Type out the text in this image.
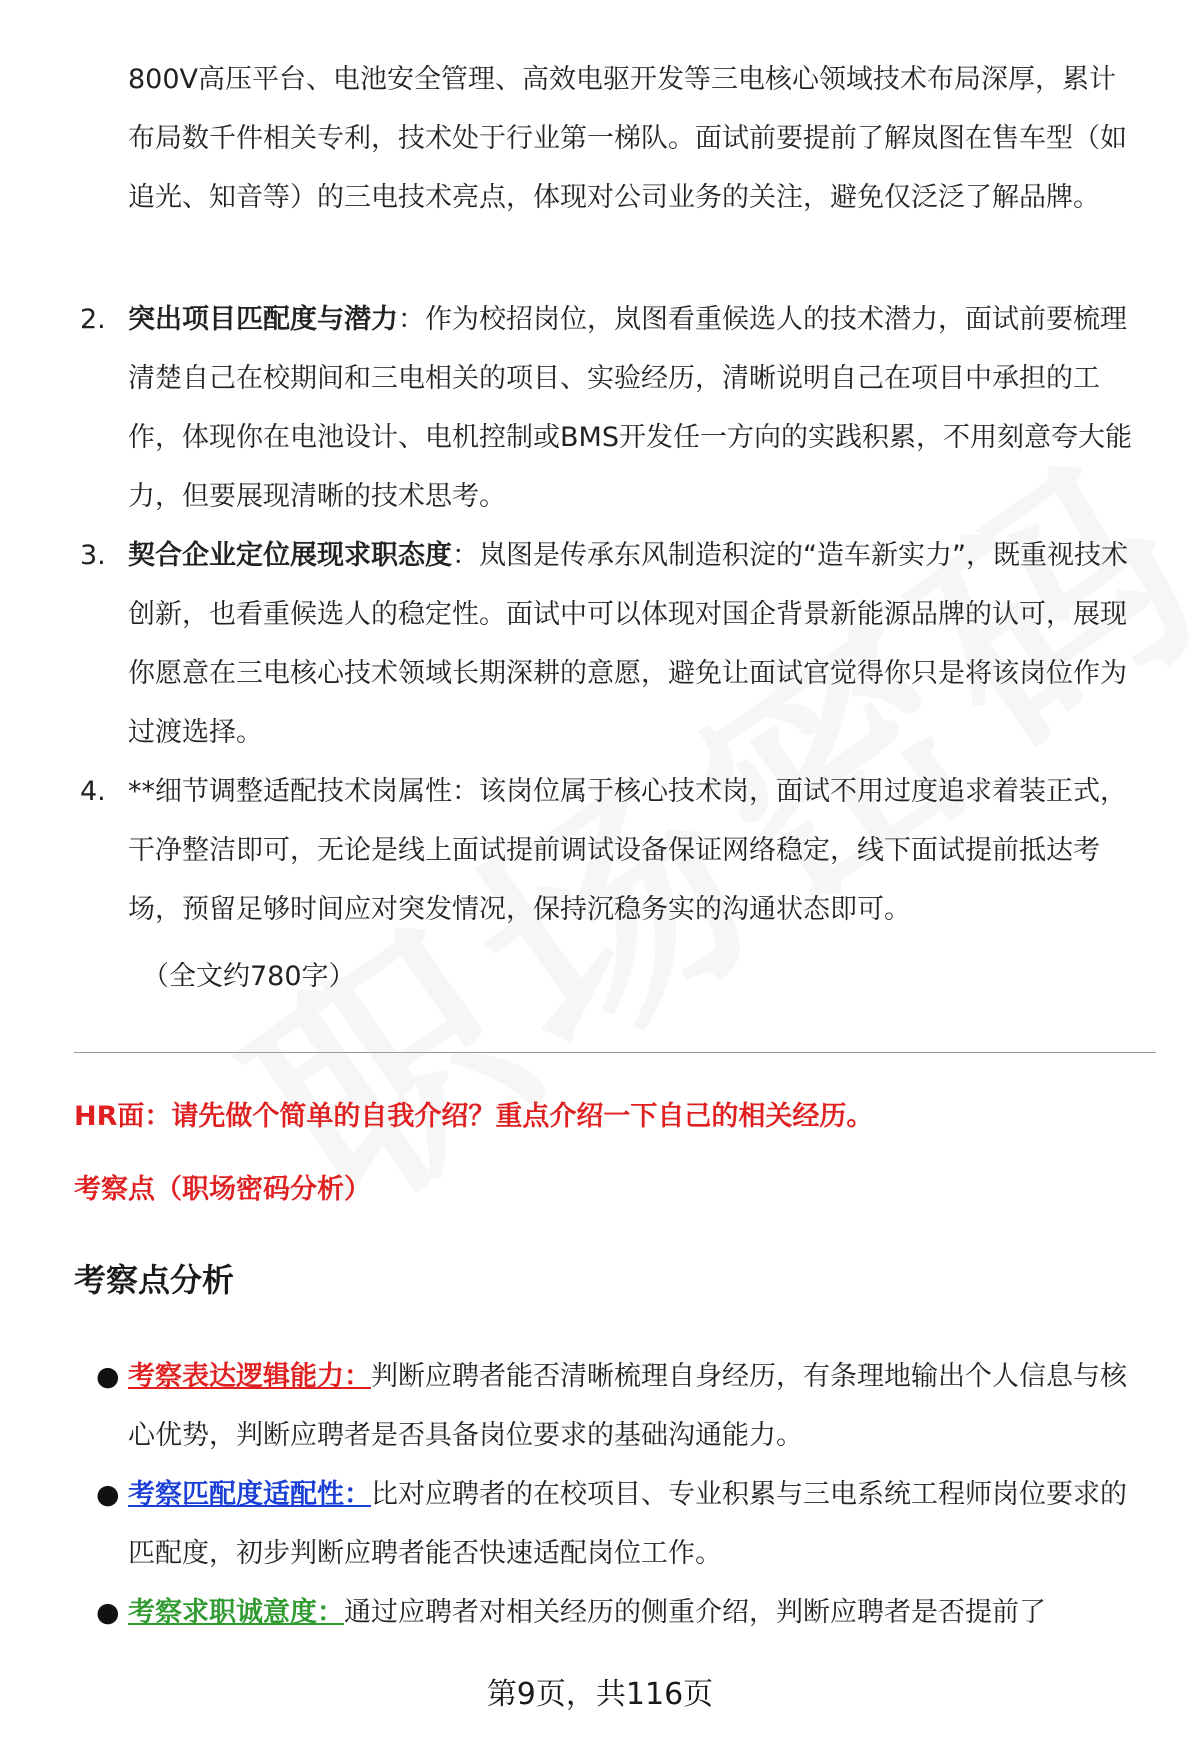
800V高压平台、电池安全管理、高效电驱开发等三电核心领域技术布局深厚，累计布局数千件相关专利，技术处于行业第一梯队。面试前要提前了解岚图在售车型（如追光、知音等）的三电技术亮点，体现对公司业务的关注，避免仅泛泛了解品牌。
2. 突出项目匹配度与潜力：作为校招岗位，岚图看重候选人的技术潜力，面试前要梳理清楚自己在校期间和三电相关的项目、实验经历，清晰说明自己在项目中承担的工作，体现你在电池设计、电机控制或BMS开发任一方向的实践积累，不用刻意夸大能力，但要展现清晰的技术思考。
3. 契合企业定位展现求职态度：岚图是传承东风制造积淀的“造车新实力”，既重视技术创新，也看重候选人的稳定性。面试中可以体现对国企背景新能源品牌的认可，展现你愿意在三电核心技术领域长期深耕的意愿，避免让面试官觉得你只是将该岗位作为过渡选择。
4. **细节调整适配技术岗属性：该岗位属于核心技术岗，面试不用过度追求着装正式，干净整洁即可，无论是线上面试提前调试设备保证网络稳定，线下面试提前抵达考场，预留足够时间应对突发情况，保持沉稳务实的沟通状态即可。
（全文约780字）
HR面：请先做个简单的自我介绍？重点介绍一下自己的相关经历。
考察点（职场密码分析）
考察点分析
● 考察表达逻辑能力：判断应聘者能否清晰梳理自身经历，有条理地输出个人信息与核心优势，判断应聘者是否具备岗位要求的基础沟通能力。
● 考察匹配度适配性：比对应聘者的在校项目、专业积累与三电系统工程师岗位要求的匹配度，初步判断应聘者能否快速适配岗位工作。
● 考察求职诚意度：通过应聘者对相关经历的侧重介绍，判断应聘者是否提前了
第9页，共116页
